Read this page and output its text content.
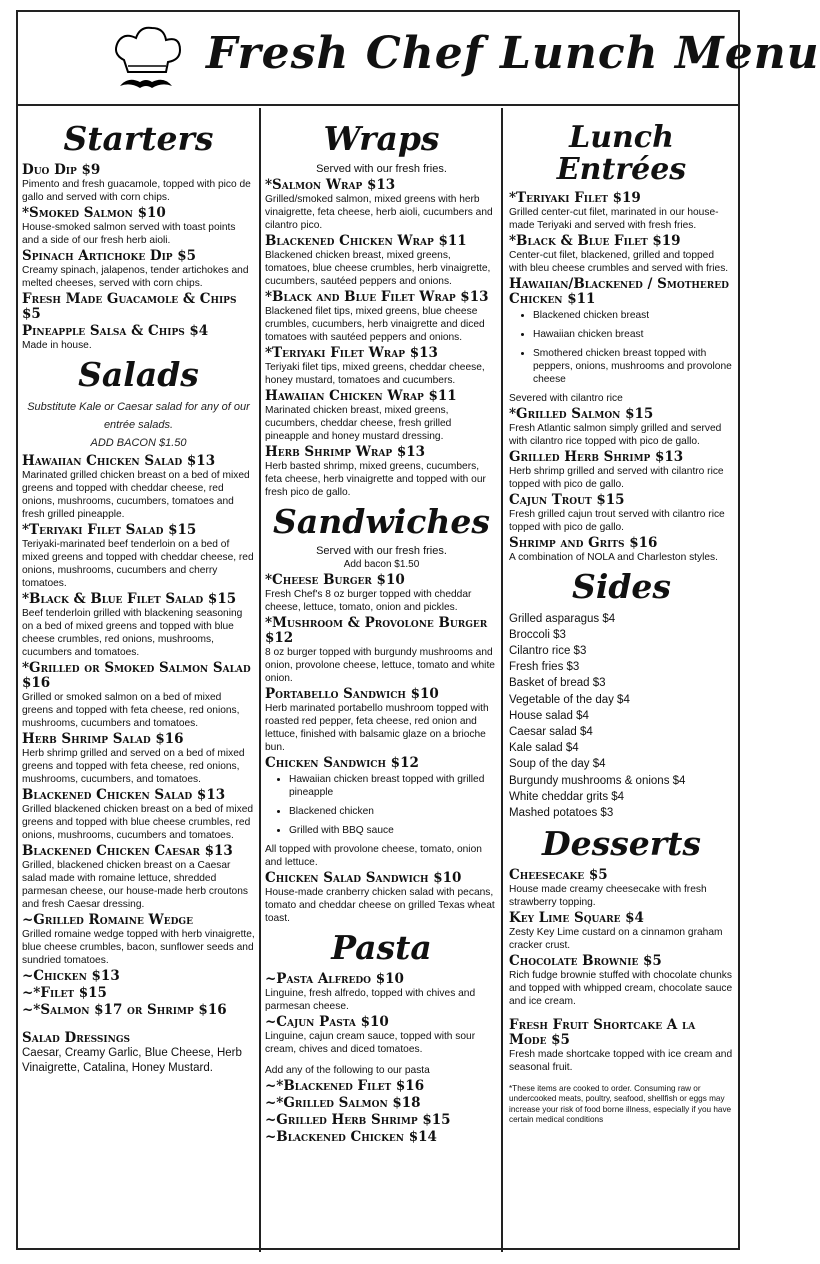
Fresh Chef Lunch Menu
Starters
Duo Dip $9
Pimento and fresh guacamole, topped with pico de gallo and served with corn chips.
*Smoked Salmon $10
House-smoked salmon served with toast points and a side of our fresh herb aioli.
Spinach Artichoke Dip $5
Creamy spinach, jalapenos, tender artichokes and melted cheeses, served with corn chips.
Fresh Made Guacamole & Chips $5
Pineapple Salsa & Chips $4
Made in house.
Salads
Substitute Kale or Caesar salad for any of our entrée salads.
ADD BACON $1.50
Hawaiian Chicken Salad $13
Marinated grilled chicken breast on a bed of mixed greens and topped with cheddar cheese, red onions, mushrooms, cucumbers, tomatoes and fresh grilled pineapple.
*Teriyaki Filet Salad $15
Teriyaki-marinated beef tenderloin on a bed of mixed greens and topped with cheddar cheese, red onions, mushrooms, cucumbers and cherry tomatoes.
*Black & Blue Filet Salad $15
Beef tenderloin grilled with blackening seasoning on a bed of mixed greens and topped with blue cheese crumbles, red onions, mushrooms, cucumbers and tomatoes.
*Grilled or Smoked Salmon Salad $16
Grilled or smoked salmon on a bed of mixed greens and topped with feta cheese, red onions, mushrooms, cucumbers and tomatoes.
Herb Shrimp Salad $16
Herb shrimp grilled and served on a bed of mixed greens and topped with feta cheese, red onions, mushrooms, cucumbers, and tomatoes.
Blackened Chicken Salad $13
Grilled blackened chicken breast on a bed of mixed greens and topped with blue cheese crumbles, red onions, mushrooms, cucumbers and tomatoes.
Blackened Chicken Caesar $13
Grilled, blackened chicken breast on a Caesar salad made with romaine lettuce, shredded parmesan cheese, our house-made herb croutons and fresh Caesar dressing.
~Grilled Romaine Wedge
Grilled romaine wedge topped with herb vinaigrette, blue cheese crumbles, bacon, sunflower seeds and sundried tomatoes.
~Chicken $13
~*Filet $15
~*Salmon $17 or Shrimp $16
Salad Dressings
Caesar, Creamy Garlic, Blue Cheese, Herb Vinaigrette, Catalina, Honey Mustard.
Wraps
Served with our fresh fries.
*Salmon Wrap $13
Grilled/smoked salmon, mixed greens with herb vinaigrette, feta cheese, herb aioli, cucumbers and cilantro pico.
Blackened Chicken Wrap $11
Blackened chicken breast, mixed greens, tomatoes, blue cheese crumbles, herb vinaigrette, cucumbers, sautéed peppers and onions.
*Black and Blue Filet Wrap $13
Blackened filet tips, mixed greens, blue cheese crumbles, cucumbers, herb vinaigrette and diced tomatoes with sautéed peppers and onions.
*Teriyaki Filet Wrap $13
Teriyaki filet tips, mixed greens, cheddar cheese, honey mustard, tomatoes and cucumbers.
Hawaiian Chicken Wrap $11
Marinated chicken breast, mixed greens, cucumbers, cheddar cheese, fresh grilled pineapple and honey mustard dressing.
Herb Shrimp Wrap $13
Herb basted shrimp, mixed greens, cucumbers, feta cheese, herb vinaigrette and topped with our fresh pico de gallo.
Sandwiches
Served with our fresh fries.
Add bacon $1.50
*Cheese Burger $10
Fresh Chef's 8 oz burger topped with cheddar cheese, lettuce, tomato, onion and pickles.
*Mushroom & Provolone Burger $12
8 oz burger topped with burgundy mushrooms and onion, provolone cheese, lettuce, tomato and white onion.
Portabello Sandwich $10
Herb marinated portabello mushroom topped with roasted red pepper, feta cheese, red onion and lettuce, finished with balsamic glaze on a brioche bun.
Chicken Sandwich $12
• Hawaiian chicken breast topped with grilled pineapple
• Blackened chicken
• Grilled with BBQ sauce
All topped with provolone cheese, tomato, onion and lettuce.
Chicken Salad Sandwich $10
House-made cranberry chicken salad with pecans, tomato and cheddar cheese on grilled Texas wheat toast.
Pasta
~Pasta Alfredo $10
Linguine, fresh alfredo, topped with chives and parmesan cheese.
~Cajun Pasta $10
Linguine, cajun cream sauce, topped with sour cream, chives and diced tomatoes.
Add any of the following to our pasta
~*Blackened Filet $16
~*Grilled Salmon $18
~Grilled Herb Shrimp $15
~Blackened Chicken $14
Lunch Entrées
*Teriyaki Filet $19
Grilled center-cut filet, marinated in our house-made Teriyaki and served with fresh fries.
*Black & Blue Filet $19
Center-cut filet, blackened, grilled and topped with bleu cheese crumbles and served with fries.
Hawaiian/Blackened / Smothered Chicken $11
• Blackened chicken breast
• Hawaiian chicken breast
• Smothered chicken breast topped with peppers, onions, mushrooms and provolone cheese
Severed with cilantro rice
*Grilled Salmon $15
Fresh Atlantic salmon simply grilled and served with cilantro rice topped with pico de gallo.
Grilled Herb Shrimp $13
Herb shrimp grilled and served with cilantro rice topped with pico de gallo.
Cajun Trout $15
Fresh grilled cajun trout served with cilantro rice topped with pico de gallo.
Shrimp and Grits $16
A combination of NOLA and Charleston styles.
Sides
Grilled asparagus $4
Broccoli $3
Cilantro rice $3
Fresh fries $3
Basket of bread $3
Vegetable of the day $4
House salad $4
Caesar salad $4
Kale salad $4
Soup of the day $4
Burgundy mushrooms & onions $4
White cheddar grits $4
Mashed potatoes $3
Desserts
Cheesecake $5
House made creamy cheesecake with fresh strawberry topping.
Key Lime Square $4
Zesty Key Lime custard on a cinnamon graham cracker crust.
Chocolate Brownie $5
Rich fudge brownie stuffed with chocolate chunks and topped with whipped cream, chocolate sauce and ice cream.
Fresh Fruit Shortcake A la Mode $5
Fresh made shortcake topped with ice cream and seasonal fruit.
*These items are cooked to order. Consuming raw or undercooked meats, poultry, seafood, shellfish or eggs may increase your risk of food borne illness, especially if you have certain medical conditions
